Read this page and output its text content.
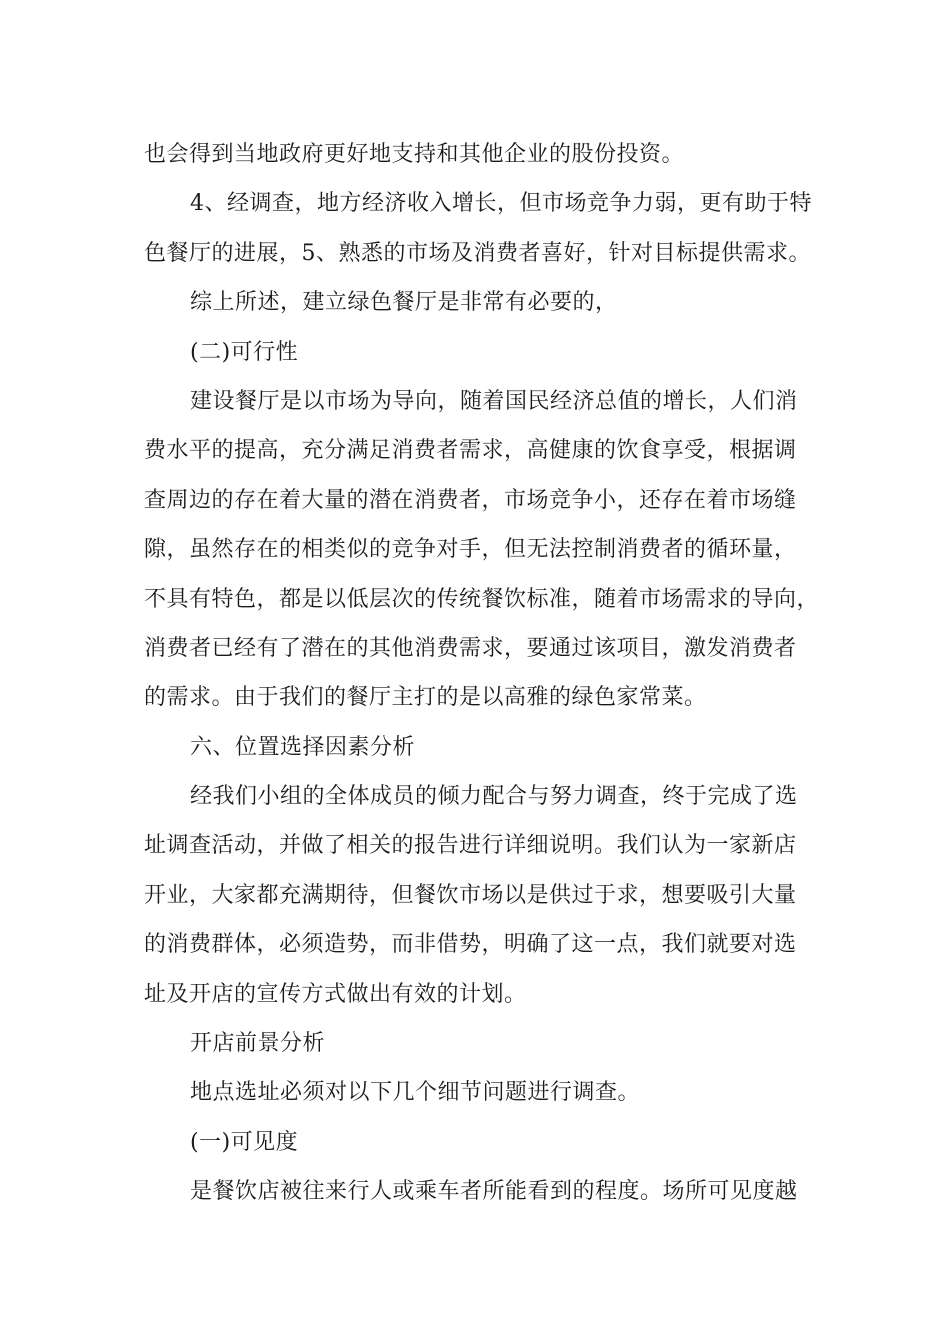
也会得到当地政府更好地支持和其他企业的股份投资。
4、经调查，地方经济收入增长，但市场竞争力弱，更有助于特
色餐厅的进展，5、熟悉的市场及消费者喜好，针对目标提供需求。
综上所述，建立绿色餐厅是非常有必要的，
(二)可行性
建设餐厅是以市场为导向，随着国民经济总值的增长，人们消
费水平的提高，充分满足消费者需求，高健康的饮食享受，根据调
查周边的存在着大量的潜在消费者，市场竞争小，还存在着市场缝
隙，虽然存在的相类似的竞争对手，但无法控制消费者的循环量，
不具有特色，都是以低层次的传统餐饮标准，随着市场需求的导向，
消费者已经有了潜在的其他消费需求，要通过该项目，激发消费者
的需求。由于我们的餐厅主打的是以高雅的绿色家常菜。
六、位置选择因素分析
经我们小组的全体成员的倾力配合与努力调查，终于完成了选
址调查活动，并做了相关的报告进行详细说明。我们认为一家新店
开业，大家都充满期待，但餐饮市场以是供过于求，想要吸引大量
的消费群体，必须造势，而非借势，明确了这一点，我们就要对选
址及开店的宣传方式做出有效的计划。
开店前景分析
地点选址必须对以下几个细节问题进行调查。
(一)可见度
是餐饮店被往来行人或乘车者所能看到的程度。场所可见度越
